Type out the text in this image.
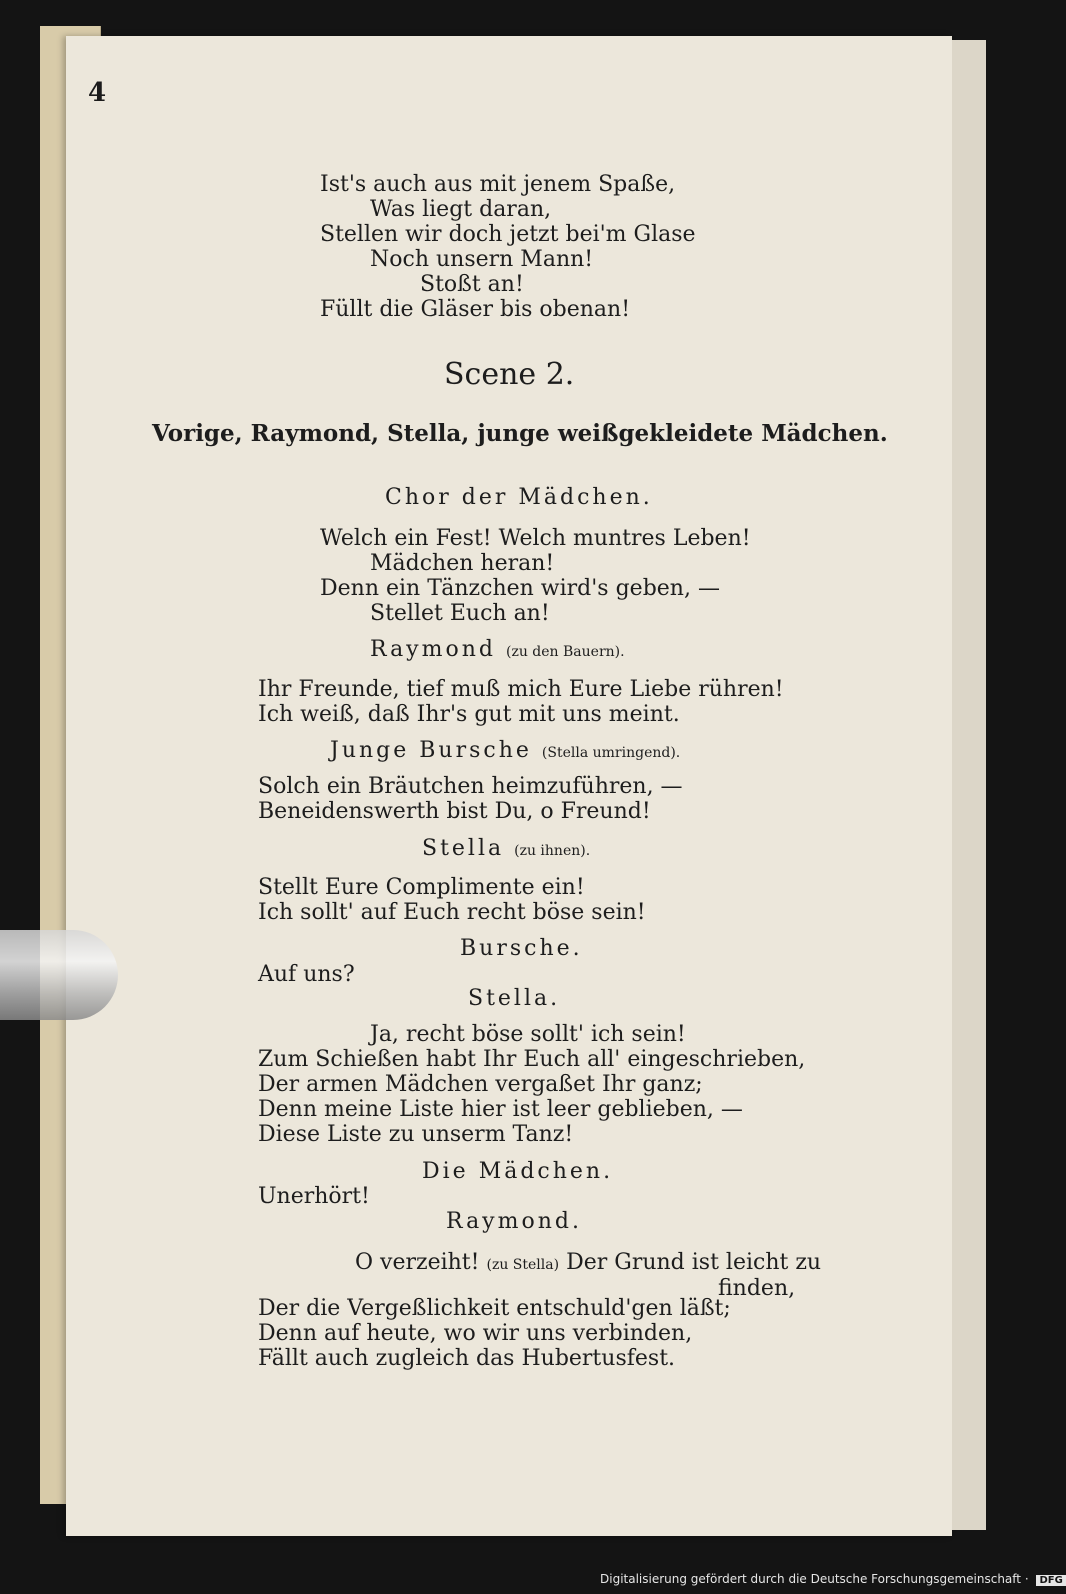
4
Ist's auch aus mit jenem Spaße,
Was liegt daran,
Stellen wir doch jetzt bei'm Glase
Noch unsern Mann!
Stoßt an!
Füllt die Gläser bis obenan!
Scene 2.
Vorige, Raymond, Stella, junge weißgekleidete Mädchen.
Chor der Mädchen.
Welch ein Fest! Welch muntres Leben!
Mädchen heran!
Denn ein Tänzchen wird's geben, —
Stellet Euch an!
Raymond (zu den Bauern).
Ihr Freunde, tief muß mich Eure Liebe rühren!
Ich weiß, daß Ihr's gut mit uns meint.
Junge Bursche (Stella umringend).
Solch ein Bräutchen heimzuführen, —
Beneidenswerth bist Du, o Freund!
Stella (zu ihnen).
Stellt Eure Complimente ein!
Ich sollt' auf Euch recht böse sein!
Bursche.
Auf uns?
Stella.
Ja, recht böse sollt' ich sein!
Zum Schießen habt Ihr Euch all' eingeschrieben,
Der armen Mädchen vergaßet Ihr ganz;
Denn meine Liste hier ist leer geblieben, —
Diese Liste zu unserm Tanz!
Die Mädchen.
Unerhört!
Raymond.
O verzeiht! (zu Stella) Der Grund ist leicht zu
finden,
Der die Vergeßlichkeit entschuld'gen läßt;
Denn auf heute, wo wir uns verbinden,
Fällt auch zugleich das Hubertusfest.
Digitalisierung gefördert durch die Deutsche Forschungsgemeinschaft · DFG
